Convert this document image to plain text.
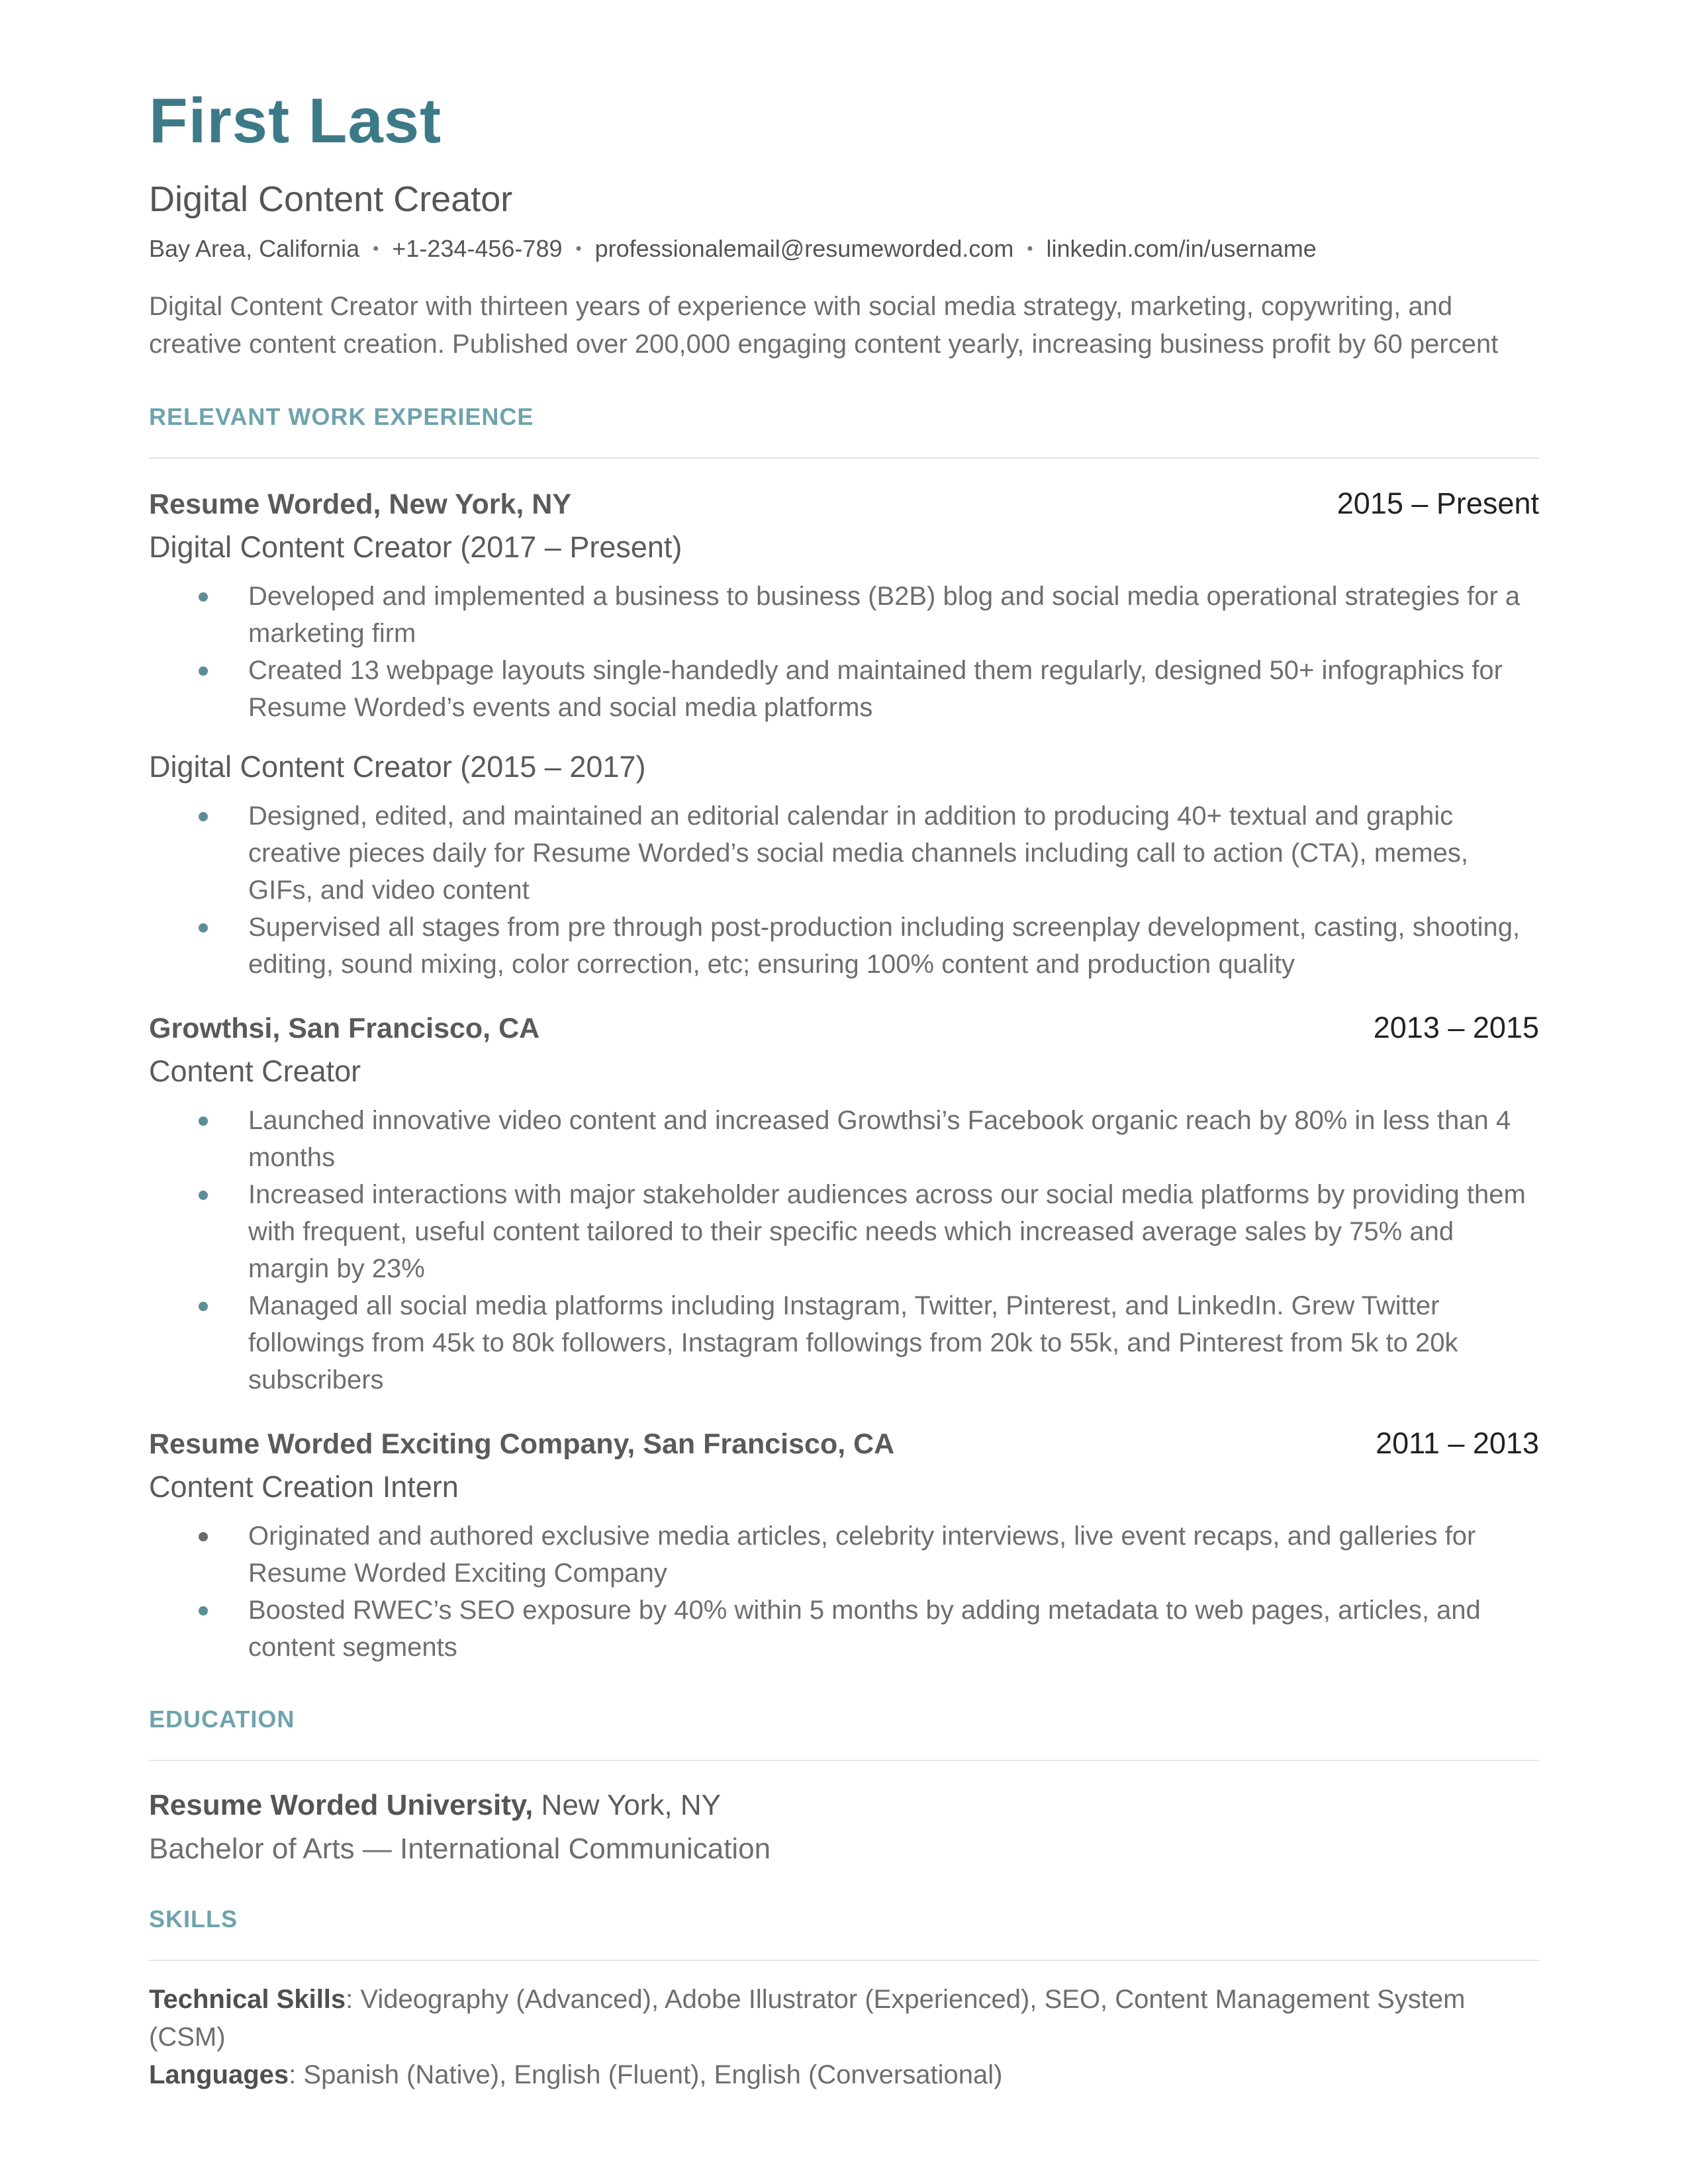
First Last
Digital Content Creator
Bay Area, California • +1-234-456-789 • professionalemail@resumeworded.com • linkedin.com/in/username
Digital Content Creator with thirteen years of experience with social media strategy, marketing, copywriting, and creative content creation. Published over 200,000 engaging content yearly, increasing business profit by 60 percent
RELEVANT WORK EXPERIENCE
Resume Worded, New York, NY	2015 – Present
Digital Content Creator (2017 – Present)
Developed and implemented a business to business (B2B) blog and social media operational strategies for a marketing firm
Created 13 webpage layouts single-handedly and maintained them regularly, designed 50+ infographics for Resume Worded’s events and social media platforms
Digital Content Creator (2015 – 2017)
Designed, edited, and maintained an editorial calendar in addition to producing 40+ textual and graphic creative pieces daily for Resume Worded’s social media channels including call to action (CTA), memes, GIFs, and video content
Supervised all stages from pre through post-production including screenplay development, casting, shooting, editing, sound mixing, color correction, etc; ensuring 100% content and production quality
Growthsi, San Francisco, CA	2013 – 2015
Content Creator
Launched innovative video content and increased Growthsi’s Facebook organic reach by 80% in less than 4 months
Increased interactions with major stakeholder audiences across our social media platforms by providing them with frequent, useful content tailored to their specific needs which increased average sales by 75% and margin by 23%
Managed all social media platforms including Instagram, Twitter, Pinterest, and LinkedIn. Grew Twitter followings from 45k to 80k followers, Instagram followings from 20k to 55k, and Pinterest from 5k to 20k subscribers
Resume Worded Exciting Company, San Francisco, CA	2011 – 2013
Content Creation Intern
Originated and authored exclusive media articles, celebrity interviews, live event recaps, and galleries for Resume Worded Exciting Company
Boosted RWEC’s SEO exposure by 40% within 5 months by adding metadata to web pages, articles, and content segments
EDUCATION
Resume Worded University, New York, NY
Bachelor of Arts — International Communication
SKILLS
Technical Skills: Videography (Advanced), Adobe Illustrator (Experienced), SEO, Content Management System (CSM)
Languages: Spanish (Native), English (Fluent), English (Conversational)
